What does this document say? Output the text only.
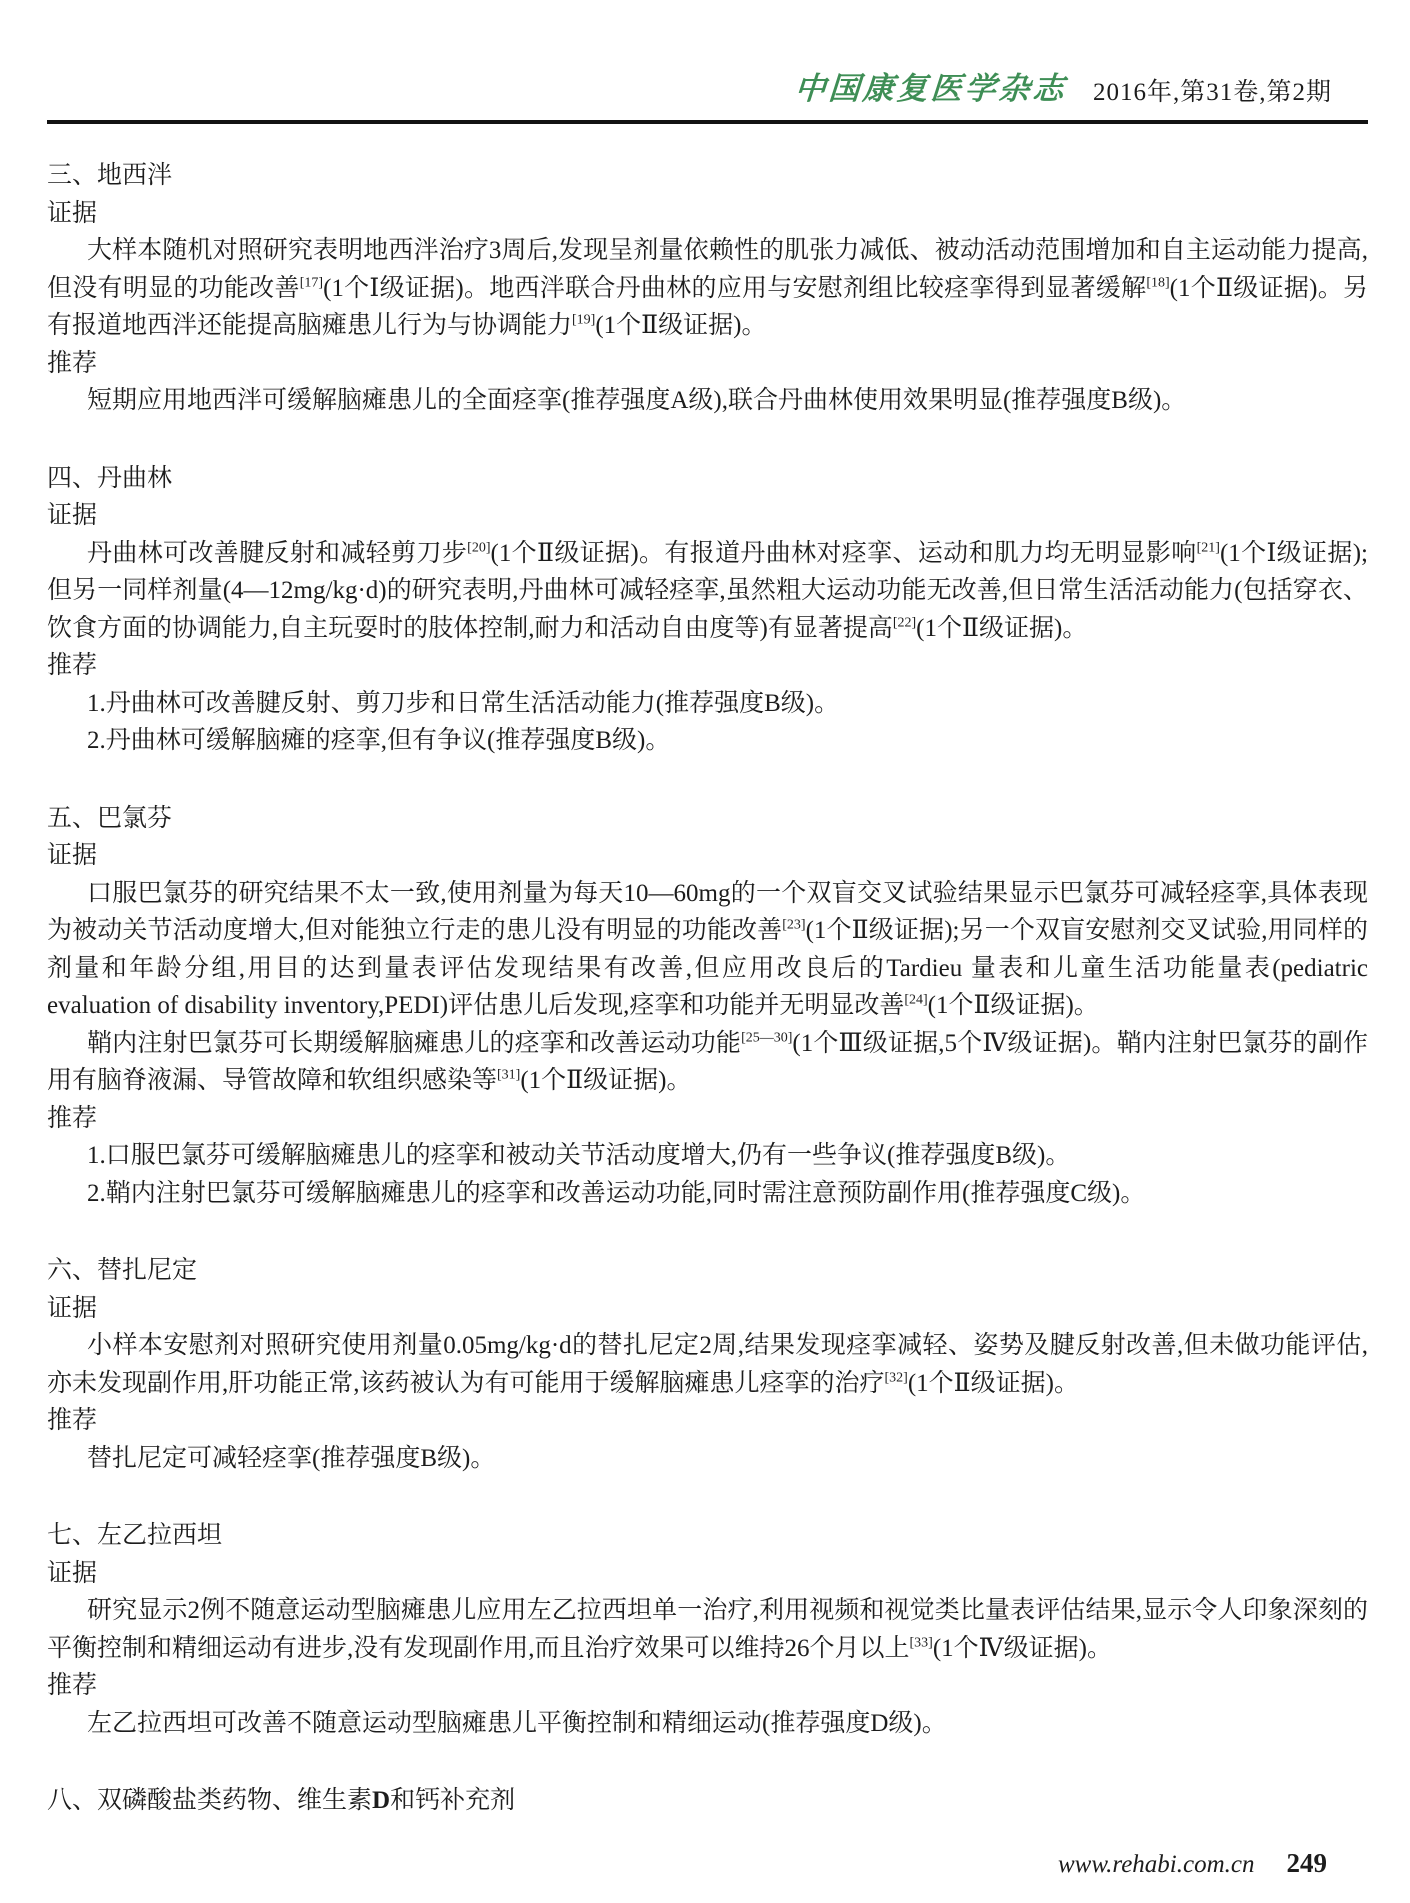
中国康复医学杂志 2016年,第31卷,第2期

三、地西泮

证据

大样本随机对照研究表明地西泮治疗3周后,发现呈剂量依赖性的肌张力减低、被动活动范围增加和自主运动能力提高,但没有明显的功能改善[17](1个Ⅰ级证据)。地西泮联合丹曲林的应用与安慰剂组比较痉挛得到显著缓解[18](1个Ⅱ级证据)。另有报道地西泮还能提高脑瘫患儿行为与协调能力[19](1个Ⅱ级证据)。

推荐

短期应用地西泮可缓解脑瘫患儿的全面痉挛(推荐强度A级),联合丹曲林使用效果明显(推荐强度B级)。

四、丹曲林

证据

丹曲林可改善腱反射和减轻剪刀步[20](1个Ⅱ级证据)。有报道丹曲林对痉挛、运动和肌力均无明显影响[21](1个Ⅰ级证据);但另一同样剂量(4—12mg/kg·d)的研究表明,丹曲林可减轻痉挛,虽然粗大运动功能无改善,但日常生活活动能力(包括穿衣、饮食方面的协调能力,自主玩耍时的肢体控制,耐力和活动自由度等)有显著提高[22](1个Ⅱ级证据)。

推荐

1.丹曲林可改善腱反射、剪刀步和日常生活活动能力(推荐强度B级)。

2.丹曲林可缓解脑瘫的痉挛,但有争议(推荐强度B级)。

五、巴氯芬

证据

口服巴氯芬的研究结果不太一致,使用剂量为每天10—60mg的一个双盲交叉试验结果显示巴氯芬可减轻痉挛,具体表现为被动关节活动度增大,但对能独立行走的患儿没有明显的功能改善[23](1个Ⅱ级证据);另一个双盲安慰剂交叉试验,用同样的剂量和年龄分组,用目的达到量表评估发现结果有改善,但应用改良后的Tardieu 量表和儿童生活功能量表(pediatric evaluation of disability inventory,PEDI)评估患儿后发现,痉挛和功能并无明显改善[24](1个Ⅱ级证据)。

鞘内注射巴氯芬可长期缓解脑瘫患儿的痉挛和改善运动功能[25—30](1个Ⅲ级证据,5个Ⅳ级证据)。鞘内注射巴氯芬的副作用有脑脊液漏、导管故障和软组织感染等[31](1个Ⅱ级证据)。

推荐

1.口服巴氯芬可缓解脑瘫患儿的痉挛和被动关节活动度增大,仍有一些争议(推荐强度B级)。

2.鞘内注射巴氯芬可缓解脑瘫患儿的痉挛和改善运动功能,同时需注意预防副作用(推荐强度C级)。

六、替扎尼定

证据

小样本安慰剂对照研究使用剂量0.05mg/kg·d的替扎尼定2周,结果发现痉挛减轻、姿势及腱反射改善,但未做功能评估,亦未发现副作用,肝功能正常,该药被认为有可能用于缓解脑瘫患儿痉挛的治疗[32](1个Ⅱ级证据)。

推荐

替扎尼定可减轻痉挛(推荐强度B级)。

七、左乙拉西坦

证据

研究显示2例不随意运动型脑瘫患儿应用左乙拉西坦单一治疗,利用视频和视觉类比量表评估结果,显示令人印象深刻的平衡控制和精细运动有进步,没有发现副作用,而且治疗效果可以维持26个月以上[33](1个Ⅳ级证据)。

推荐

左乙拉西坦可改善不随意运动型脑瘫患儿平衡控制和精细运动(推荐强度D级)。

八、双磷酸盐类药物、维生素D和钙补充剂

www.rehabi.com.cn 249
